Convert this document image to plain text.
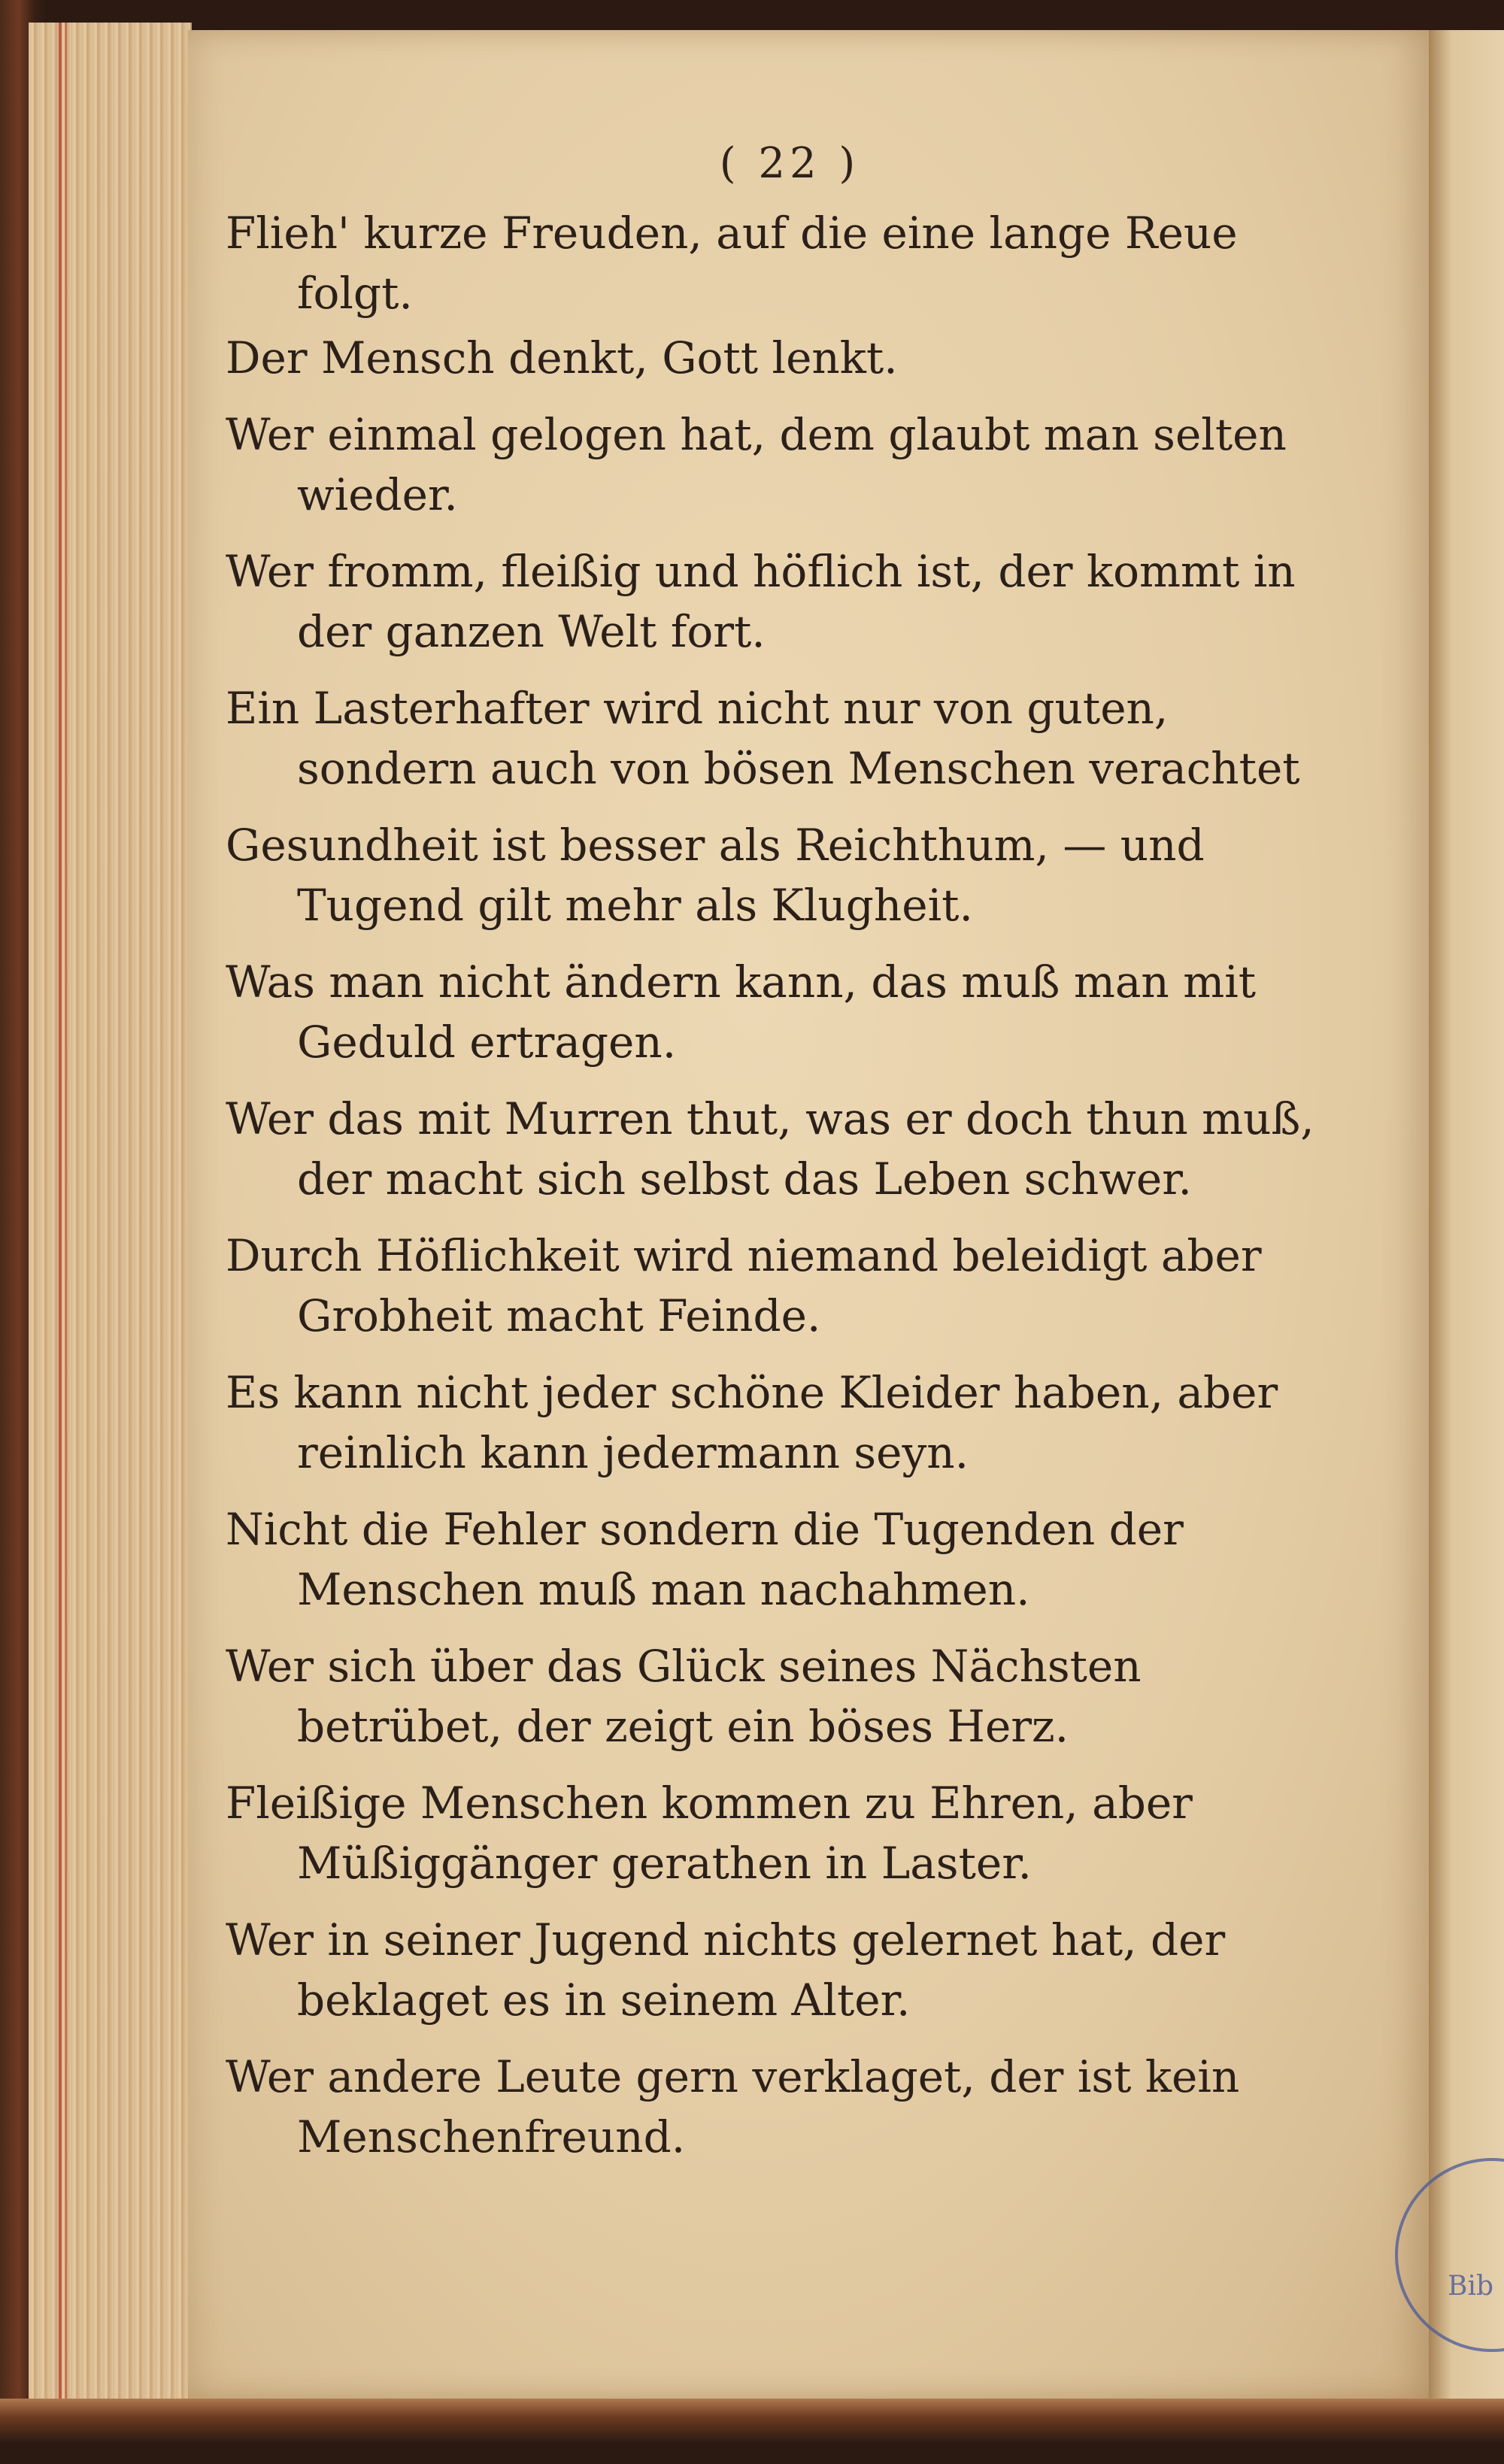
Bib
( 22 )
Flieh' kurze Freuden, auf die eine lange Reue folgt.
Der Mensch denkt, Gott lenkt.
Wer einmal gelogen hat, dem glaubt man selten wieder.
Wer fromm, fleißig und höflich ist, der kommt in der ganzen Welt fort.
Ein Lasterhafter wird nicht nur von guten, sondern auch von bösen Menschen verachtet
Gesundheit ist besser als Reichthum, — und Tugend gilt mehr als Klugheit.
Was man nicht ändern kann, das muß man mit Geduld ertragen.
Wer das mit Murren thut, was er doch thun muß, der macht sich selbst das Leben schwer.
Durch Höflichkeit wird niemand beleidigt aber Grobheit macht Feinde.
Es kann nicht jeder schöne Kleider haben, aber reinlich kann jedermann seyn.
Nicht die Fehler sondern die Tugenden der Menschen muß man nachahmen.
Wer sich über das Glück seines Nächsten betrübet, der zeigt ein böses Herz.
Fleißige Menschen kommen zu Ehren, aber Müßiggänger gerathen in Laster.
Wer in seiner Jugend nichts gelernet hat, der beklaget es in seinem Alter.
Wer andere Leute gern verklaget, der ist kein Menschenfreund.
